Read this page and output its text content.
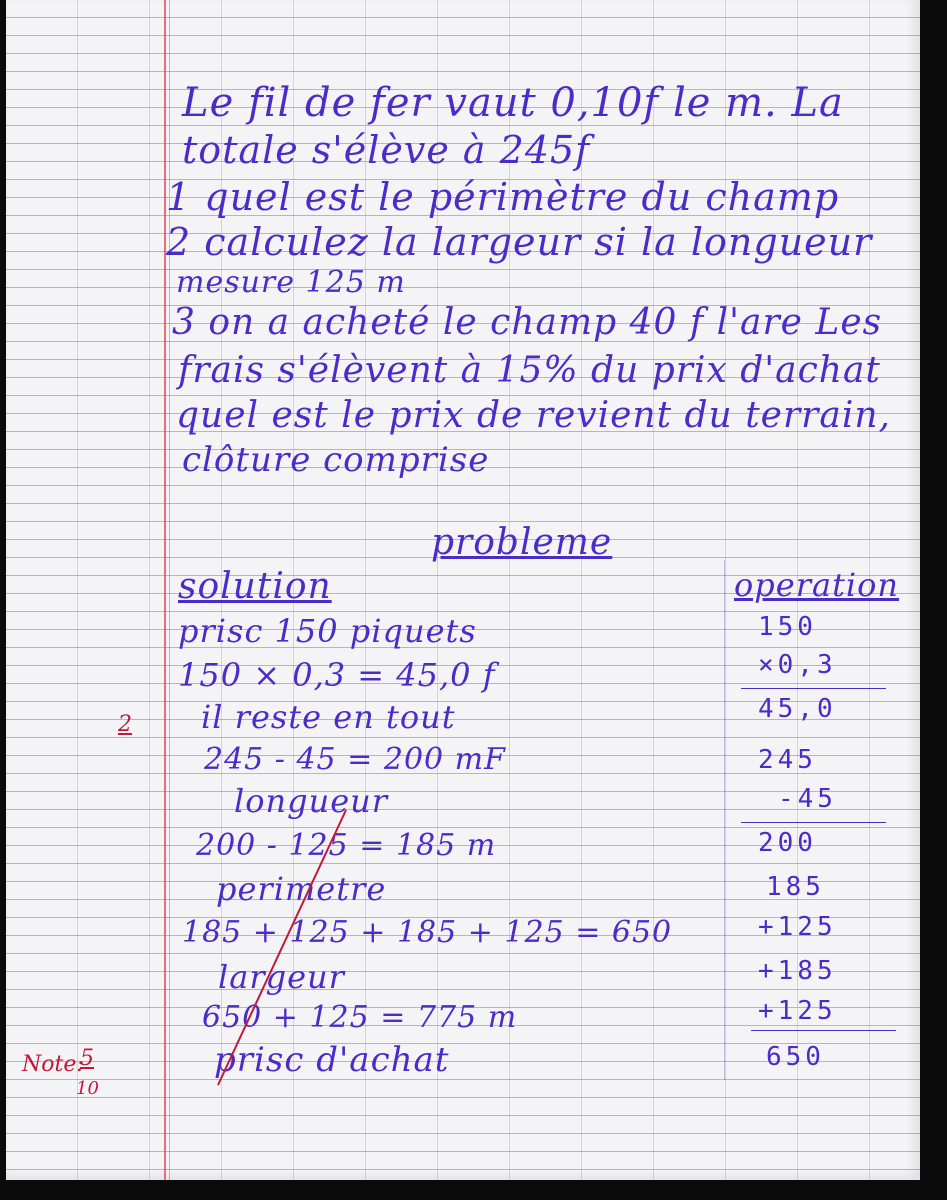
Le fil de fer vaut 0,10f le m. La
totale s'élève à 245f
1 quel est le périmètre du champ
2 calculez la largeur si la longueur
mesure 125 m
3 on a acheté le champ 40 f l'are Les
frais s'élèvent à 15% du prix d'achat
quel est le prix de revient du terrain,
clôture comprise
probleme
solution	operation
prisc 150 piquets
150 × 0,3 = 45,0 f
il reste en tout
245 - 45 = 200 mF
longueur
200 - 125 = 185 m
perimetre
185 + 125 + 185 + 125 = 650
largeur
650 + 125 = 775 m
prisc d'achat
150
×0,3
45,0
245
-45
200
185
+125
+185
+125
650
2
Note:
5
10
